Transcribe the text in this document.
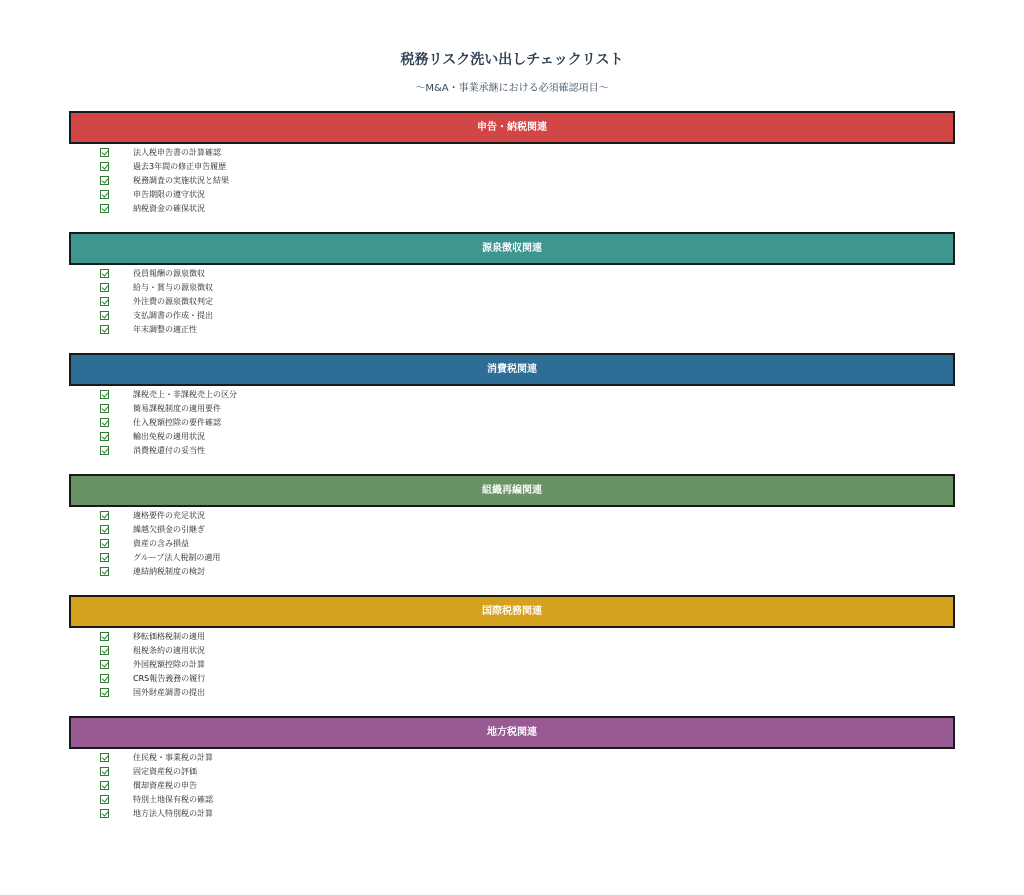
税務リスク洗い出しチェックリスト
〜M&A・事業承継における必須確認項目〜
申告・納税関連
法人税申告書の計算確認
過去3年間の修正申告履歴
税務調査の実施状況と結果
申告期限の遵守状況
納税資金の確保状況
源泉徴収関連
役員報酬の源泉徴収
給与・賞与の源泉徴収
外注費の源泉徴収判定
支払調書の作成・提出
年末調整の適正性
消費税関連
課税売上・非課税売上の区分
簡易課税制度の適用要件
仕入税額控除の要件確認
輸出免税の適用状況
消費税還付の妥当性
組織再編関連
適格要件の充足状況
繰越欠損金の引継ぎ
資産の含み損益
グループ法人税制の適用
連結納税制度の検討
国際税務関連
移転価格税制の適用
租税条約の適用状況
外国税額控除の計算
CRS報告義務の履行
国外財産調書の提出
地方税関連
住民税・事業税の計算
固定資産税の評価
償却資産税の申告
特別土地保有税の確認
地方法人特別税の計算
